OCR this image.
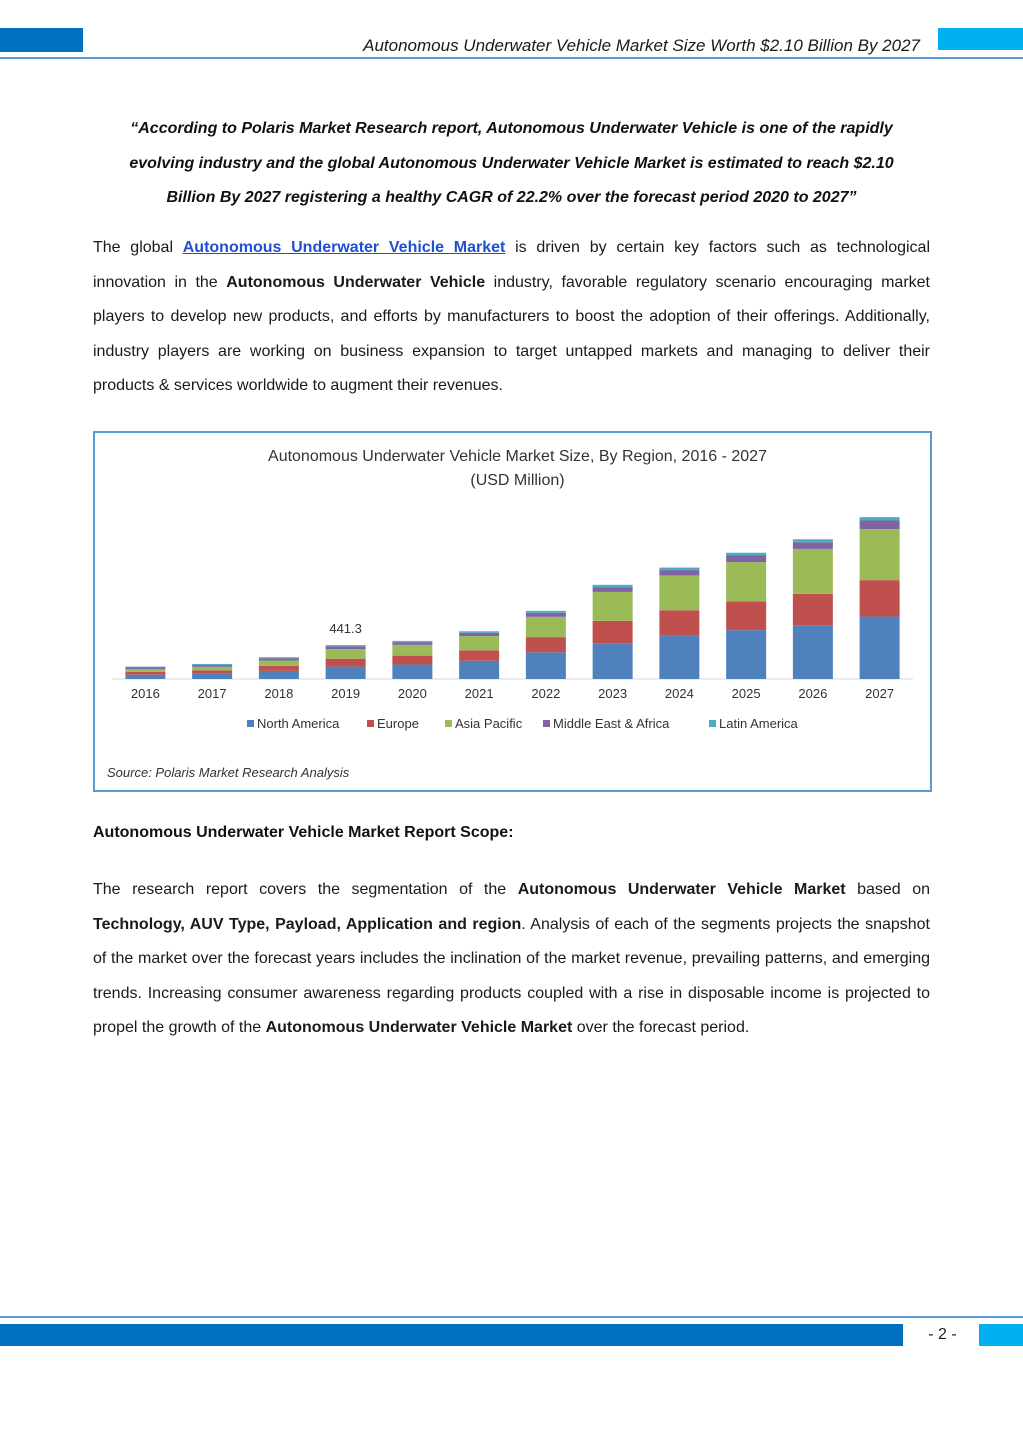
Autonomous Underwater Vehicle Market Size Worth $2.10 Billion By 2027
“According to Polaris Market Research report, Autonomous Underwater Vehicle is one of the rapidly
evolving industry and the global Autonomous Underwater Vehicle Market is estimated to reach $2.10
Billion By 2027 registering a healthy CAGR of 22.2% over the forecast period 2020 to 2027”
The global Autonomous Underwater Vehicle Market is driven by certain key factors such as technological innovation in the Autonomous Underwater Vehicle industry, favorable regulatory scenario encouraging market players to develop new products, and efforts by manufacturers to boost the adoption of their offerings. Additionally, industry players are working on business expansion to target untapped markets and managing to deliver their products & services worldwide to augment their revenues.
Autonomous Underwater Vehicle Market Size, By Region, 2016 - 2027
(USD Million)
2016	2017	2018	2019
441.3
2020	2021	2022	2023	2024	2025	2026	2027
North America	Europe	Asia Pacific Middle East & Africa	Latin America
Source: Polaris Market Research Analysis
Autonomous Underwater Vehicle Market Report Scope:
The research report covers the segmentation of the Autonomous Underwater Vehicle Market based on Technology, AUV Type, Payload, Application and region. Analysis of each of the segments projects the snapshot of the market over the forecast years includes the inclination of the market revenue, prevailing patterns, and emerging trends. Increasing consumer awareness regarding products coupled with a rise in disposable income is projected to propel the growth of the Autonomous Underwater Vehicle Market over the forecast period.
- 2 -
